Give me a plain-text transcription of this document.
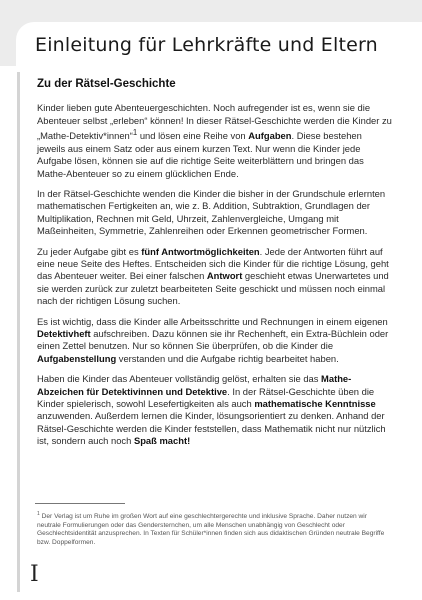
Einleitung für Lehrkräfte und Eltern
Zu der Rätsel-Geschichte

Kinder lieben gute Abenteuergeschichten. Noch aufregender ist es, wenn sie die Abenteuer selbst „erleben“ können! In dieser Rätsel-Geschichte werden die Kinder zu „Mathe-Detektiv*innen“$^1$ und lösen eine Reihe von Aufgaben. Diese bestehen jeweils aus einem Satz oder aus einem kurzen Text. Nur wenn die Kinder jede Aufgabe lösen, können sie auf die richtige Seite weiterblättern und bringen das Mathe-Abenteuer so zu einem glücklichen Ende.

In der Rätsel-Geschichte wenden die Kinder die bisher in der Grundschule erlernten mathematischen Fertigkeiten an, wie z. B. Addition, Subtraktion, Grundlagen der Multiplikation, Rechnen mit Geld, Uhrzeit, Zahlenvergleiche, Umgang mit Maßeinheiten, Symmetrie, Zahlenreihen oder Erkennen geometrischer Formen.

Zu jeder Aufgabe gibt es fünf Antwortmöglichkeiten. Jede der Antworten führt auf eine neue Seite des Heftes. Entscheiden sich die Kinder für die richtige Lösung, geht das Abenteuer weiter. Bei einer falschen Antwort geschieht etwas Unerwartetes und sie werden zurück zur zuletzt bearbeiteten Seite geschickt und müssen noch einmal nach der richtigen Lösung suchen.

Es ist wichtig, dass die Kinder alle Arbeitsschritte und Rechnungen in einem eigenen Detektivheft aufschreiben. Dazu können sie ihr Rechenheft, ein Extra-Büchlein oder einen Zettel benutzen. Nur so können Sie überprüfen, ob die Kinder die Aufgabenstellung verstanden und die Aufgabe richtig bearbeitet haben.

Haben die Kinder das Abenteuer vollständig gelöst, erhalten sie das Mathe-Abzeichen für Detektivinnen und Detektive. In der Rätsel-Geschichte üben die Kinder spielerisch, sowohl Lesefertigkeiten als auch mathematische Kenntnisse anzuwenden. Außerdem lernen die Kinder, lösungsorientiert zu denken. Anhand der Rätsel-Geschichte werden die Kinder feststellen, dass Mathematik nicht nur nützlich ist, sondern auch noch Spaß macht!

$^1$ Der Verlag ist um Ruhe im großen Wort auf eine geschlechtergerechte und inklusive Sprache. Daher nutzen wir neutrale Formulierungen oder das Gendersternchen, um alle Menschen unabhängig von Geschlecht oder Geschlechtsidentität anzusprechen. In Texten für Schüler*innen finden sich aus didaktischen Gründen neutrale Begriffe bzw. Doppelformen.
I
